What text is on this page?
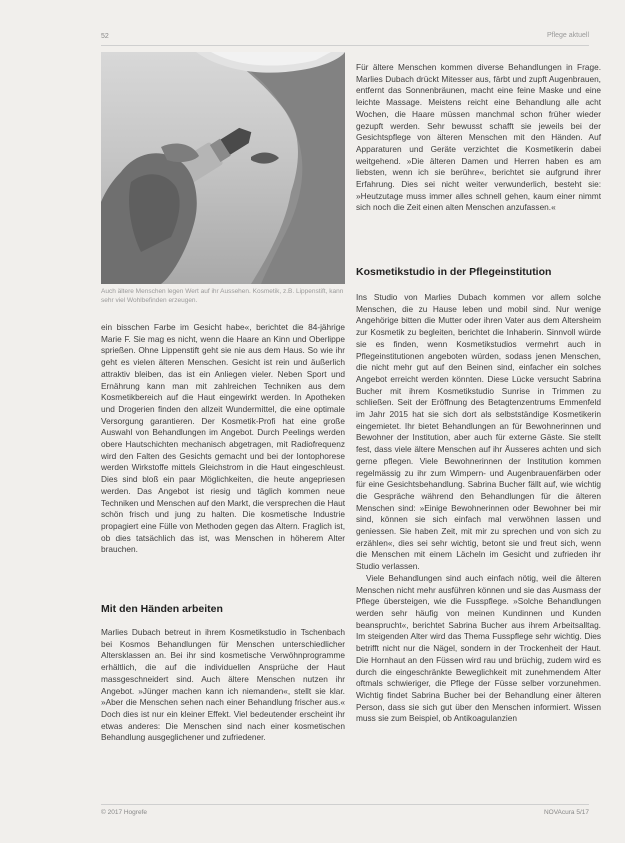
52	Pflege aktuell
Auch ältere Menschen legen Wert auf ihr Aussehen. Kosmetik, z.B. Lippenstift, kann sehr viel Wohlbefinden erzeugen.

ein bisschen Farbe im Gesicht habe«, berichtet die 84-jährige Marie F. Sie mag es nicht, wenn die Haare an Kinn und Oberlippe sprießen. Ohne Lippenstift geht sie nie aus dem Haus. So wie ihr geht es vielen älteren Menschen. Gesicht ist rein und äußerlich attraktiv bleiben, das ist ein Anliegen vieler. Neben Sport und Ernährung kann man mit zahlreichen Techniken aus dem Kosmetikbereich auf die Haut eingewirkt werden. In Apotheken und Drogerien finden den allzeit Wundermittel, die eine optimale Versorgung garantieren. Der Kosmetik-Profi hat eine große Auswahl von Behandlungen im Angebot. Durch Peelings werden obere Hautschichten mechanisch abgetragen, mit Radiofrequenz wird den Falten des Gesichts gemacht und bei der Iontophorese werden Wirkstoffe mittels Gleichstrom in die Haut eingeschleust. Dies sind bloß ein paar Möglichkeiten, die heute angepriesen werden. Das Angebot ist riesig und täglich kommen neue Techniken und Menschen auf den Markt, die versprechen die Haut schön frisch und jung zu halten. Die kosmetische Industrie propagiert eine Fülle von Methoden gegen das Altern. Fraglich ist, ob dies tatsächlich das ist, was Menschen in höherem Alter brauchen.

Mit den Händen arbeiten

Marlies Dubach betreut in ihrem Kosmetikstudio in Tschenbach bei Kosmos Behandlungen für Menschen unterschiedlicher Altersklassen an. Bei ihr sind kosmetische Verwöhnprogramme erhältlich, die auf die individuellen Ansprüche der Haut massgeschneidert sind. Auch ältere Menschen nutzen ihr Angebot. »Jünger machen kann ich niemanden«, stellt sie klar. »Aber die Menschen sehen nach einer Behandlung frischer aus.« Doch dies ist nur ein kleiner Effekt. Viel bedeutender erscheint ihr etwas anderes: Die Menschen sind nach einer kosmetischen Behandlung ausgeglichener und zufriedener.

Für ältere Menschen kommen diverse Behandlungen in Frage. Marlies Dubach drückt Mitesser aus, färbt und zupft Augenbrauen, entfernt das Sonnenbräunen, macht eine feine Maske und eine leichte Massage. Meistens reicht eine Behandlung alle acht Wochen, die Haare müssen manchmal schon früher wieder gezupft werden. Sehr bewusst schafft sie jeweils bei der Gesichtspflege von älteren Menschen mit den Händen. Auf Apparaturen und Geräte verzichtet die Kosmetikerin dabei weitgehend. »Die älteren Damen und Herren haben es am liebsten, wenn ich sie berühre«, berichtet sie aufgrund ihrer Erfahrung. Dies sei nicht weiter verwunderlich, besteht sie: »Heutzutage muss immer alles schnell gehen, kaum einer nimmt sich noch die Zeit einen alten Menschen anzufassen.«

Kosmetikstudio in der Pflegeinstitution

Ins Studio von Marlies Dubach kommen vor allem solche Menschen, die zu Hause leben und mobil sind. Nur wenige Angehörige bitten die Mutter oder ihren Vater aus dem Altersheim zur Kosmetik zu begleiten, berichtet die Inhaberin. Sinnvoll würde sie es finden, wenn Kosmetikstudios vermehrt auch in Pflegeinstitutionen angeboten würden, sodass jenen Menschen, die nicht mehr gut auf den Beinen sind, einfacher ein solches Angebot erreicht werden könnten. Diese Lücke versucht Sabrina Bucher mit ihrem Kosmetikstudio Sunrise in Trimmen zu schließen. Seit der Eröffnung des Betagtenzentrums Emmenfeld im Jahr 2015 hat sie sich dort als selbstständige Kosmetikerin eingemietet. Ihr bietet Behandlungen an für Bewohnerinnen und Bewohner der Institution, aber auch für externe Gäste. Sie stellt fest, dass viele ältere Menschen auf ihr Äusseres achten und sich gerne pflegen. Viele Bewohnerinnen der Institution kommen regelmässig zu ihr zum Wimpern- und Augenbrauenfärben oder für eine Gesichtsbehandlung. Sabrina Bucher fällt auf, wie wichtig die Gespräche während den Behandlungen für die älteren Menschen sind: »Einige Bewohnerinnen oder Bewohner bei mir sind, können sie sich einfach mal verwöhnen lassen und geniessen. Sie haben Zeit, mit mir zu sprechen und von sich zu erzählen«, dies sei sehr wichtig, betont sie und freut sich, wenn die Menschen mit einem Lächeln im Gesicht und zufrieden ihr Studio verlassen.

Viele Behandlungen sind auch einfach nötig, weil die älteren Menschen nicht mehr ausführen können und sie das Ausmass der Pflege übersteigen, wie die Fusspflege. »Solche Behandlungen werden sehr häufig von meinen Kundinnen und Kunden beansprucht«, berichtet Sabrina Bucher aus ihrem Arbeitsalltag. Im steigenden Alter wird das Thema Fusspflege sehr wichtig. Dies betrifft nicht nur die Nägel, sondern in der Trockenheit der Haut. Die Hornhaut an den Füssen wird rau und brüchig, zudem wird es durch die eingeschränkte Beweglichkeit mit zunehmendem Alter oftmals schwieriger, die Pflege der Füsse selber vorzunehmen. Wichtig findet Sabrina Bucher bei der Behandlung einer älteren Person, dass sie sich gut über den Menschen informiert. Wissen muss sie zum Beispiel, ob Antikoagulanzien

© 2017 Hogrefe	NOVAcura 5/17
